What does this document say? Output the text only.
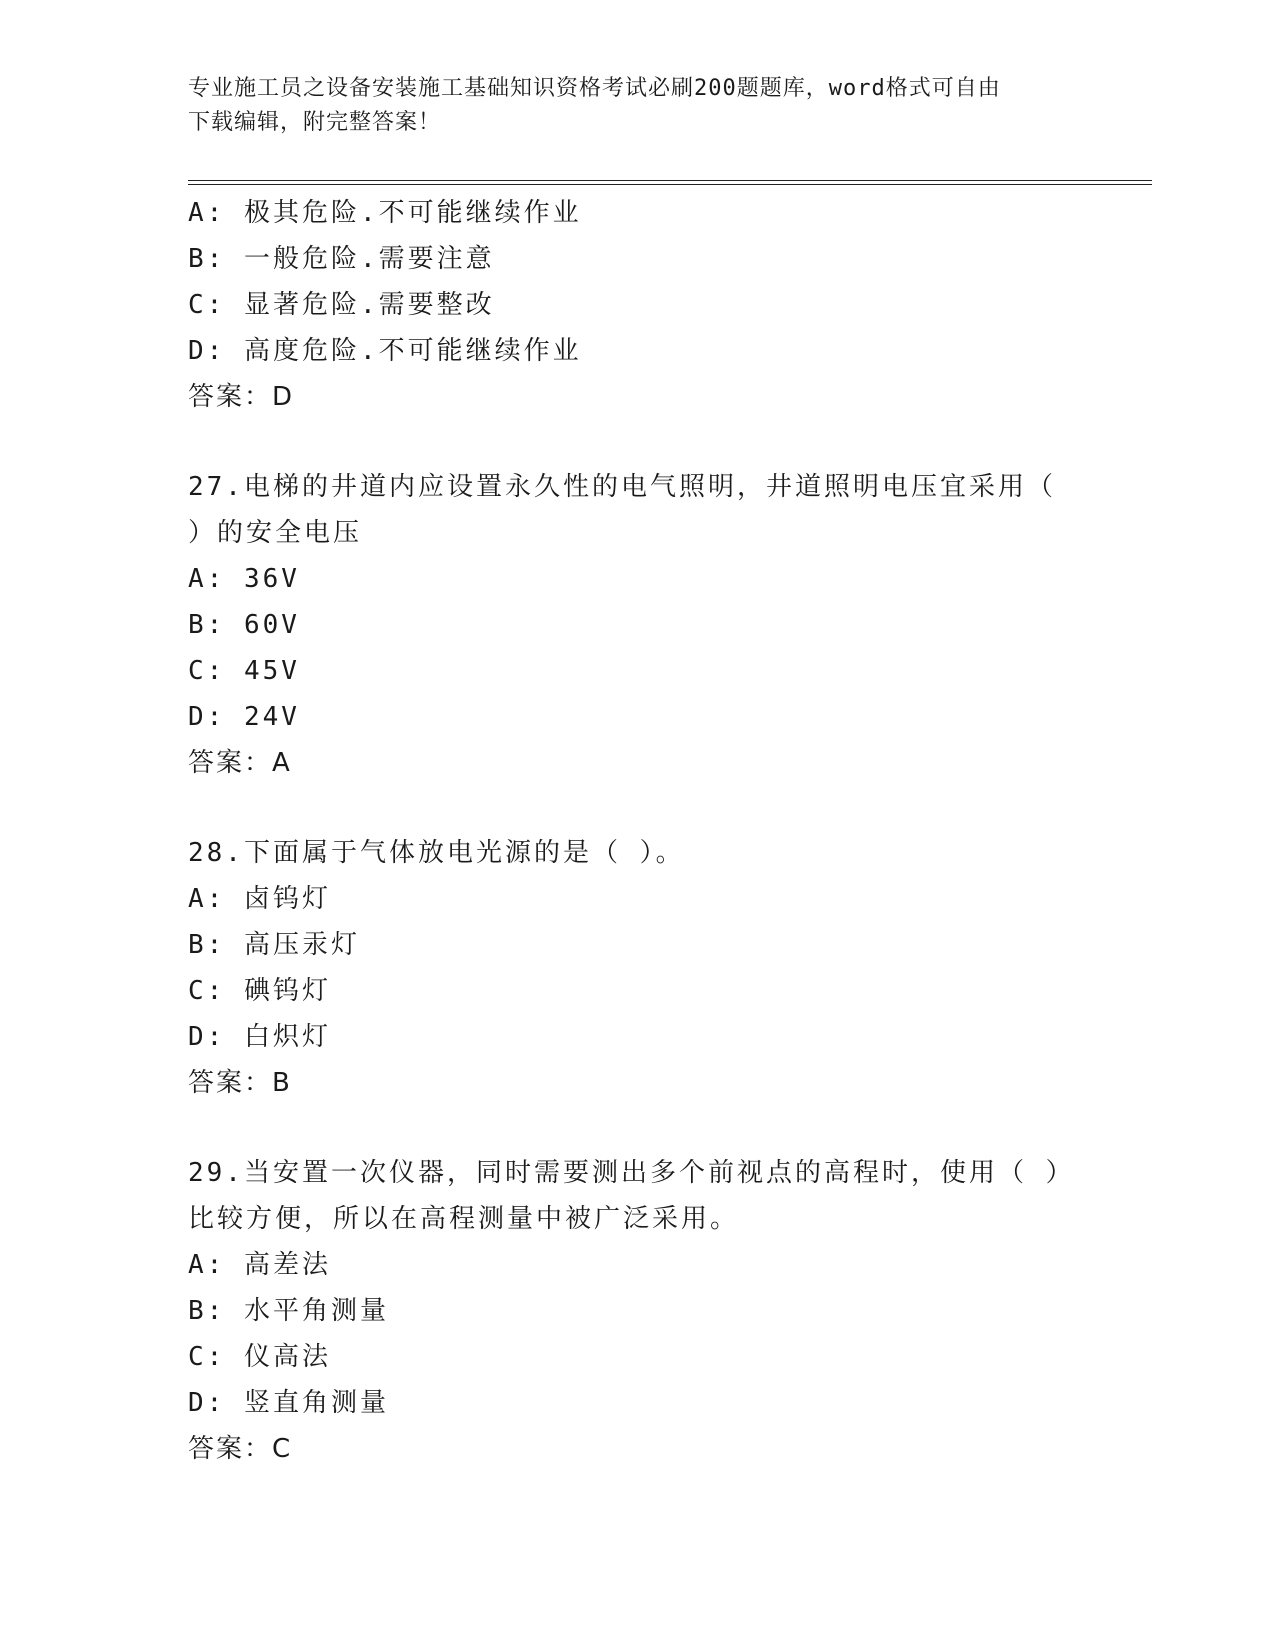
专业施工员之设备安装施工基础知识资格考试必刷200题题库，word格式可自由
下载编辑，附完整答案！
A: 极其危险.不可能继续作业
B: 一般危险.需要注意
C: 显著危险.需要整改
D: 高度危险.不可能继续作业
答案：D
27.电梯的井道内应设置永久性的电气照明，井道照明电压宜采用（
）的安全电压
A: 36V
B: 60V
C: 45V
D: 24V
答案：A
28.下面属于气体放电光源的是（ ）。
A: 卤钨灯
B: 高压汞灯
C: 碘钨灯
D: 白炽灯
答案：B
29.当安置一次仪器，同时需要测出多个前视点的高程时，使用（ ）
比较方便，所以在高程测量中被广泛采用。
A: 高差法
B: 水平角测量
C: 仪高法
D: 竖直角测量
答案：C
